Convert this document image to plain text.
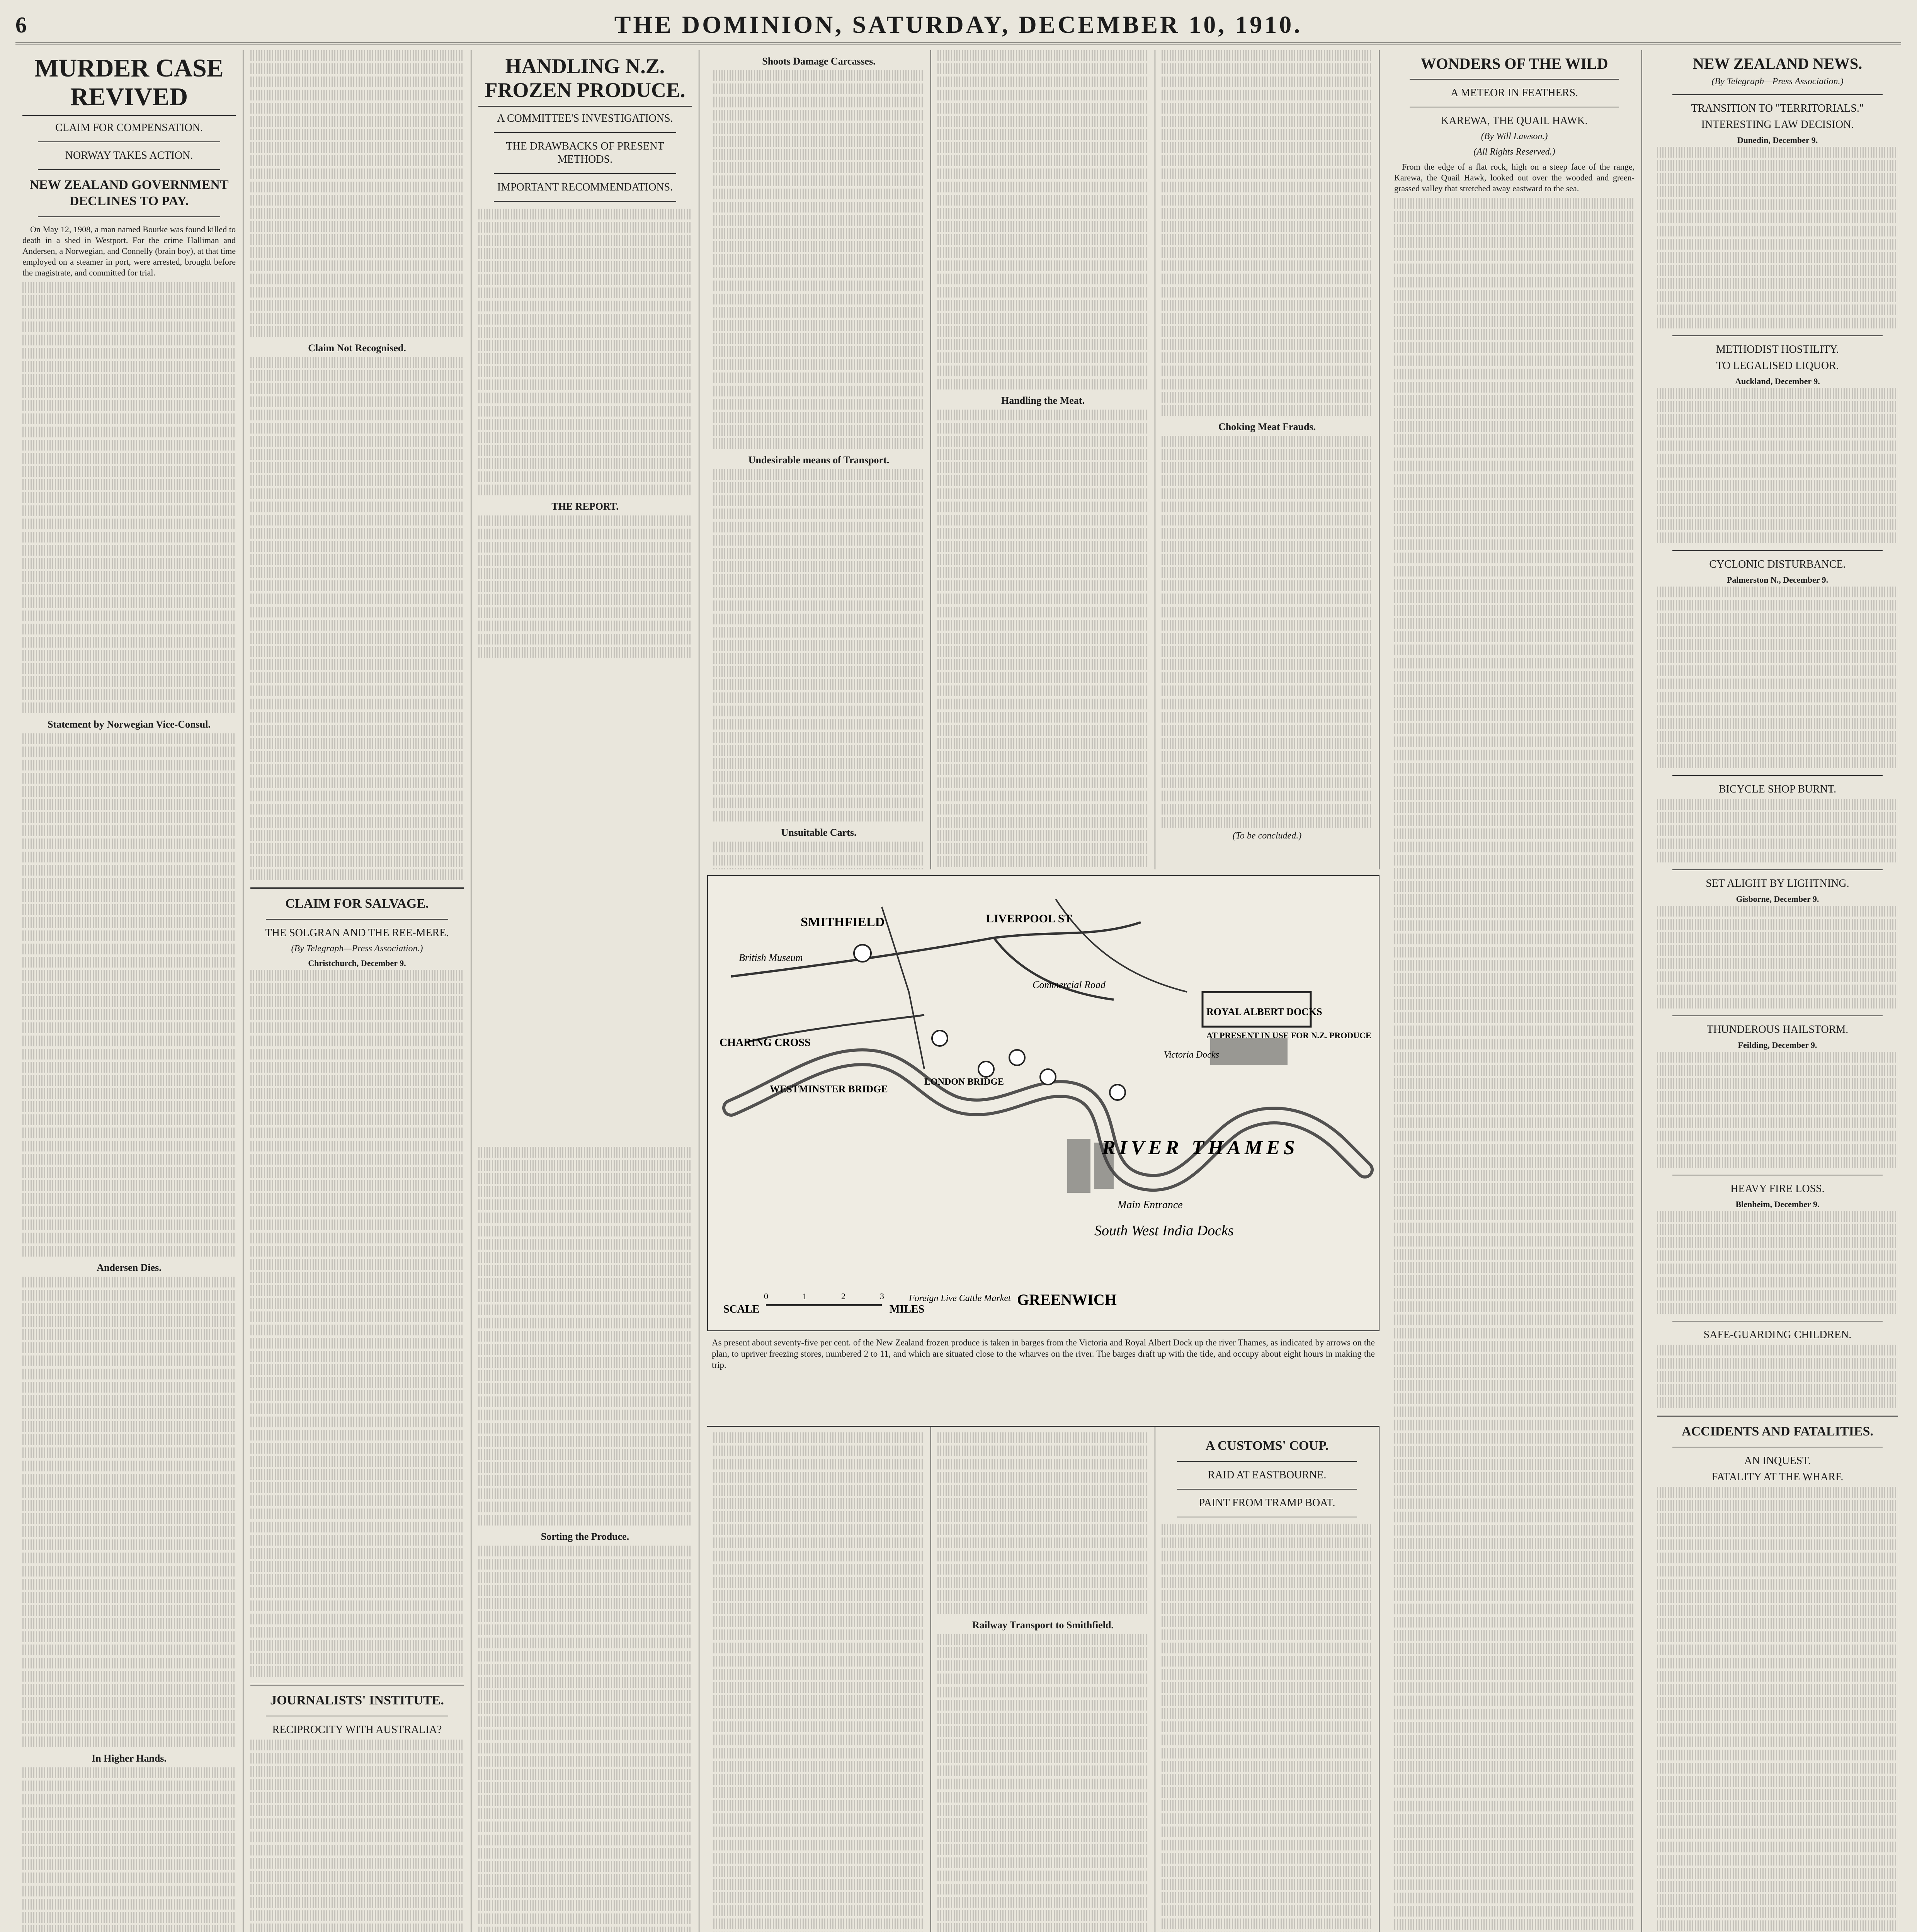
6	THE DOMINION, SATURDAY, DECEMBER 10, 1910.
MURDER CASE REVIVED
CLAIM FOR COMPENSATION.
NORWAY TAKES ACTION.
NEW ZEALAND GOVERNMENT DECLINES TO PAY.

On May 12, 1908, a man named Bourke was found killed to death in a shed in Westport. For the crime Halliman and Andersen, a Norwegian, and Connelly (brain boy), at that time employed on a steamer in port, were arrested, brought before the magistrate, and committed for trial.

Statement by Norwegian Vice-Consul.
Andersen Dies.
In Higher Hands.
Claim Not Recognised.
CLAIM FOR SALVAGE.
THE SOLGRAN AND THE REE-MERE.
(By Telegraph—Press Association.)
Christchurch, December 9.
JOURNALISTS' INSTITUTE.
RECIPROCITY WITH AUSTRALIA?
HANDLING N.Z. FROZEN PRODUCE.
A COMMITTEE'S INVESTIGATIONS.
THE DRAWBACKS OF PRESENT METHODS.
IMPORTANT RECOMMENDATIONS.
THE REPORT.
Sorting the Produce.
Shoots Damage Carcasses.
Undesirable means of Transport.
Unsuitable Carts.
Handling the Meat.
Choking Meat Frauds.
(To be concluded.)
SMITHFIELD
British Museum
LIVERPOOL ST
Commercial Road
CHARING CROSS
WESTMINSTER BRIDGE
LONDON BRIDGE
RIVER THAMES
ROYAL ALBERT DOCKS
AT PRESENT IN USE FOR N.Z. PRODUCE
Victoria Docks
Main Entrance
South West India Docks
GREENWICH
Foreign Live Cattle Market
SCALE
0	1	2	3
MILES
As present about seventy-five per cent. of the New Zealand frozen produce is taken in barges from the Victoria and Royal Albert Dock up the river Thames, as indicated by arrows on the plan, to upriver freezing stores, numbered 2 to 11, and which are situated close to the wharves on the river. The barges draft up with the tide, and occupy about eight hours in making the trip.
Railway Transport to Smithfield.
A CUSTOMS' COUP.
RAID AT EASTBOURNE.
PAINT FROM TRAMP BOAT.
WONDERS OF THE WILD
A METEOR IN FEATHERS.
KAREWA, THE QUAIL HAWK.
(By Will Lawson.)
(All Rights Reserved.)

From the edge of a flat rock, high on a steep face of the range, Karewa, the Quail Hawk, looked out over the wooded and green-grassed valley that stretched away eastward to the sea.

NEW ZEALAND NEWS.
(By Telegraph—Press Association.)
TRANSITION TO "TERRITORIALS."
INTERESTING LAW DECISION.
Dunedin, December 9.
METHODIST HOSTILITY.
TO LEGALISED LIQUOR.
Auckland, December 9.
CYCLONIC DISTURBANCE.
Palmerston N., December 9.
BICYCLE SHOP BURNT.
SET ALIGHT BY LIGHTNING.
Gisborne, December 9.
THUNDEROUS HAILSTORM.
Feilding, December 9.
HEAVY FIRE LOSS.
Blenheim, December 9.
SAFE-GUARDING CHILDREN.
ACCIDENTS AND FATALITIES.
AN INQUEST.
FATALITY AT THE WHARF.
